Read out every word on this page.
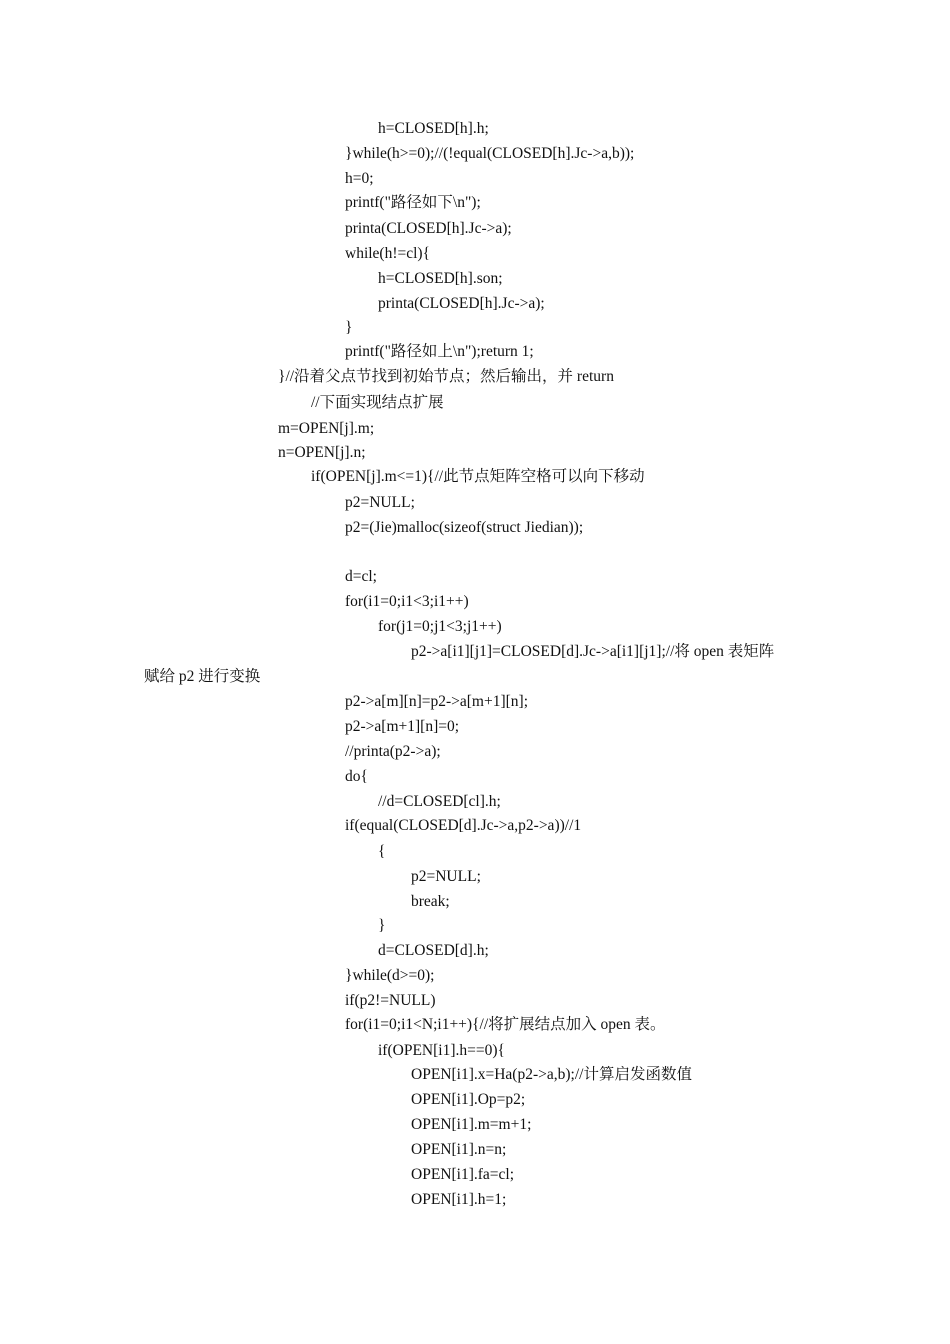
h=CLOSED[h].h;
}while(h>=0);//(!equal(CLOSED[h].Jc->a,b));
h=0;
printf("路径如下\n");
printa(CLOSED[h].Jc->a);
while(h!=cl){
h=CLOSED[h].son;
printa(CLOSED[h].Jc->a);
}
printf("路径如上\n");return 1;
}//沿着父点节找到初始节点；然后输出，并 return
//下面实现结点扩展
m=OPEN[j].m;
n=OPEN[j].n;
if(OPEN[j].m<=1){//此节点矩阵空格可以向下移动
p2=NULL;
p2=(Jie)malloc(sizeof(struct Jiedian));
d=cl;
for(i1=0;i1<3;i1++)
for(j1=0;j1<3;j1++)
p2->a[i1][j1]=CLOSED[d].Jc->a[i1][j1];//将 open 表矩阵
赋给 p2 进行变换
p2->a[m][n]=p2->a[m+1][n];
p2->a[m+1][n]=0;
//printa(p2->a);
do{
//d=CLOSED[cl].h;
if(equal(CLOSED[d].Jc->a,p2->a))//1
{
p2=NULL;
break;
}
d=CLOSED[d].h;
}while(d>=0);
if(p2!=NULL)
for(i1=0;i1<N;i1++){//将扩展结点加入 open 表。
if(OPEN[i1].h==0){
OPEN[i1].x=Ha(p2->a,b);//计算启发函数值
OPEN[i1].Op=p2;
OPEN[i1].m=m+1;
OPEN[i1].n=n;
OPEN[i1].fa=cl;
OPEN[i1].h=1;
